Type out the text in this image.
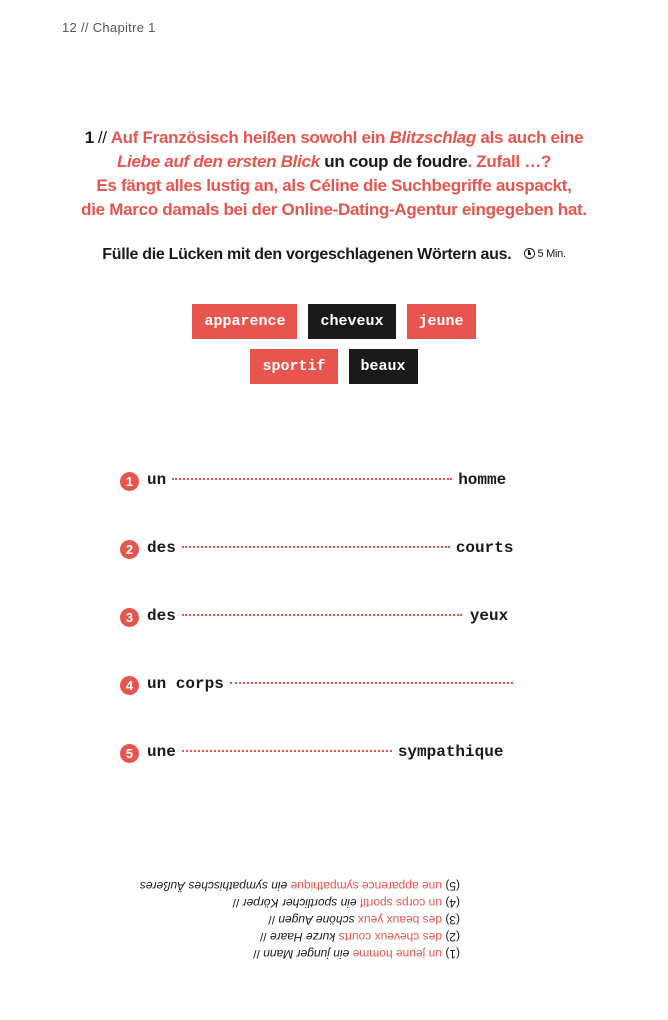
12 // Chapitre 1
1 // Auf Französisch heißen sowohl ein Blitzschlag als auch eine
Liebe auf den ersten Blick un coup de foudre. Zufall …?
Es fängt alles lustig an, als Céline die Suchbegriffe auspackt,
die Marco damals bei der Online-Dating-Agentur eingegeben hat.
Fülle die Lücken mit den vorgeschlagenen Wörtern aus. 5 Min.
apparence	cheveux	jeune
sportif	beaux
1 un	homme
2 des	courts
3 des	yeux
4 un corps
5 une	sympathique
(1) un jeune homme ein junger Mann //
(2) des cheveux courts kurze Haare //
(3) des beaux yeux schöne Augen //
(4) un corps sportif ein sportlicher Körper //
(5) une apparence sympathique ein sympathisches Äußeres
